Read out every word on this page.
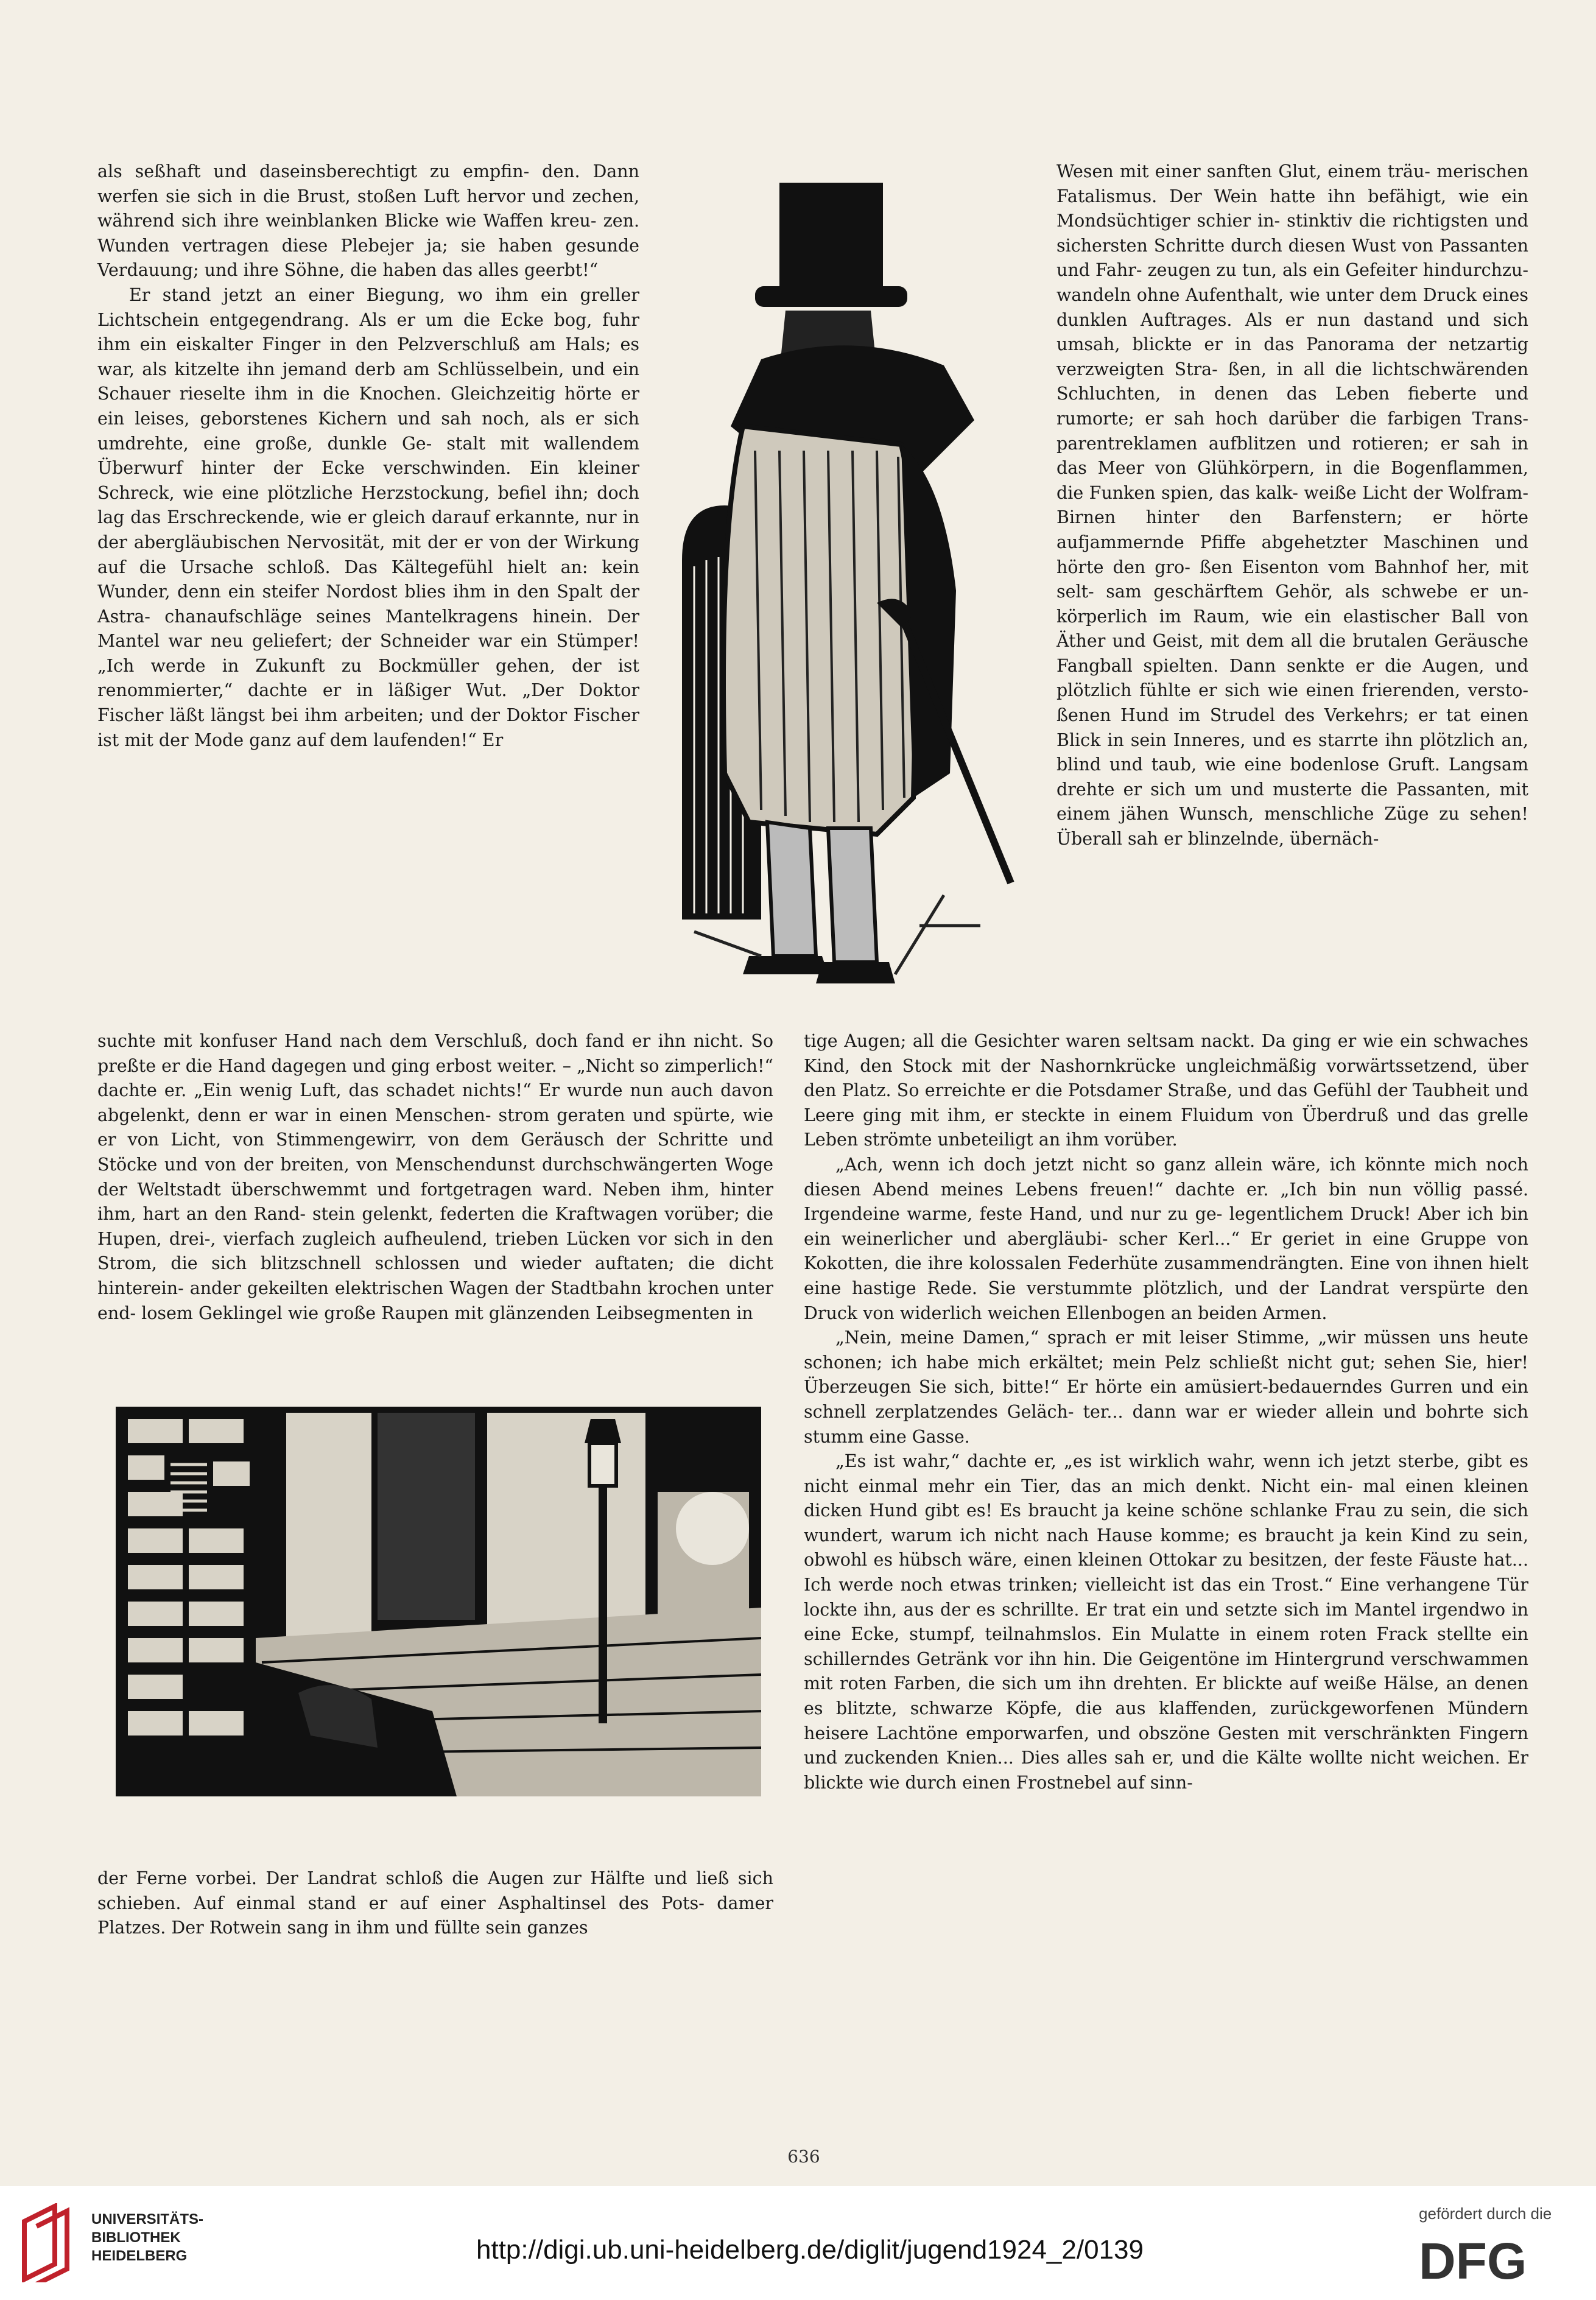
als seßhaft und daseinsberechtigt zu empfin- den. Dann werfen sie sich in die Brust, stoßen Luft hervor und zechen, während sich ihre weinblanken Blicke wie Waffen kreu- zen. Wunden vertragen diese Plebejer ja; sie haben gesunde Verdauung; und ihre Söhne, die haben das alles geerbt!“

Er stand jetzt an einer Biegung, wo ihm ein greller Lichtschein entgegendrang. Als er um die Ecke bog, fuhr ihm ein eiskalter Finger in den Pelzverschluß am Hals; es war, als kitzelte ihn jemand derb am Schlüsselbein, und ein Schauer rieselte ihm in die Knochen. Gleichzeitig hörte er ein leises, geborstenes Kichern und sah noch, als er sich umdrehte, eine große, dunkle Ge- stalt mit wallendem Überwurf hinter der Ecke verschwinden. Ein kleiner Schreck, wie eine plötzliche Herzstockung, befiel ihn; doch lag das Erschreckende, wie er gleich darauf erkannte, nur in der abergläubischen Nervosität, mit der er von der Wirkung auf die Ursache schloß. Das Kältegefühl hielt an: kein Wunder, denn ein steifer Nordost blies ihm in den Spalt der Astra- chanaufschläge seines Mantelkragens hinein. Der Mantel war neu geliefert; der Schneider war ein Stümper! „Ich werde in Zukunft zu Bockmüller gehen, der ist renommierter,“ dachte er in läßiger Wut. „Der Doktor Fischer läßt längst bei ihm arbeiten; und der Doktor Fischer ist mit der Mode ganz auf dem laufenden!“ Er

Wesen mit einer sanften Glut, einem träu- merischen Fatalismus. Der Wein hatte ihn befähigt, wie ein Mondsüchtiger schier in- stinktiv die richtigsten und sichersten Schritte durch diesen Wust von Passanten und Fahr- zeugen zu tun, als ein Gefeiter hindurchzu- wandeln ohne Aufenthalt, wie unter dem Druck eines dunklen Auftrages. Als er nun dastand und sich umsah, blickte er in das Panorama der netzartig verzweigten Stra- ßen, in all die lichtschwärenden Schluchten, in denen das Leben fieberte und rumorte; er sah hoch darüber die farbigen Trans- parentreklamen aufblitzen und rotieren; er sah in das Meer von Glühkörpern, in die Bogenflammen, die Funken spien, das kalk- weiße Licht der Wolfram-Birnen hinter den Barfenstern; er hörte aufjammernde Pfiffe abgehetzter Maschinen und hörte den gro- ßen Eisenton vom Bahnhof her, mit selt- sam geschärftem Gehör, als schwebe er un- körperlich im Raum, wie ein elastischer Ball von Äther und Geist, mit dem all die brutalen Geräusche Fangball spielten. Dann senkte er die Augen, und plötzlich fühlte er sich wie einen frierenden, versto- ßenen Hund im Strudel des Verkehrs; er tat einen Blick in sein Inneres, und es starrte ihn plötzlich an, blind und taub, wie eine bodenlose Gruft. Langsam drehte er sich um und musterte die Passanten, mit einem jähen Wunsch, menschliche Züge zu sehen! Überall sah er blinzelnde, übernäch-

suchte mit konfuser Hand nach dem Verschluß, doch fand er ihn nicht. So preßte er die Hand dagegen und ging erbost weiter. – „Nicht so zimperlich!“ dachte er. „Ein wenig Luft, das schadet nichts!“ Er wurde nun auch davon abgelenkt, denn er war in einen Menschen- strom geraten und spürte, wie er von Licht, von Stimmengewirr, von dem Geräusch der Schritte und Stöcke und von der breiten, von Menschendunst durchschwängerten Woge der Weltstadt überschwemmt und fortgetragen ward. Neben ihm, hinter ihm, hart an den Rand- stein gelenkt, federten die Kraftwagen vorüber; die Hupen, drei-, vierfach zugleich aufheulend, trieben Lücken vor sich in den Strom, die sich blitzschnell schlossen und wieder auftaten; die dicht hinterein- ander gekeilten elektrischen Wagen der Stadtbahn krochen unter end- losem Geklingel wie große Raupen mit glänzenden Leibsegmenten in

tige Augen; all die Gesichter waren seltsam nackt. Da ging er wie ein schwaches Kind, den Stock mit der Nashornkrücke ungleichmäßig vorwärtssetzend, über den Platz. So erreichte er die Potsdamer Straße, und das Gefühl der Taubheit und Leere ging mit ihm, er steckte in einem Fluidum von Überdruß und das grelle Leben strömte unbeteiligt an ihm vorüber.

„Ach, wenn ich doch jetzt nicht so ganz allein wäre, ich könnte mich noch diesen Abend meines Lebens freuen!“ dachte er. „Ich bin nun völlig passé. Irgendeine warme, feste Hand, und nur zu ge- legentlichem Druck! Aber ich bin ein weinerlicher und abergläubi- scher Kerl...“ Er geriet in eine Gruppe von Kokotten, die ihre kolossalen Federhüte zusammendrängten. Eine von ihnen hielt eine hastige Rede. Sie verstummte plötzlich, und der Landrat verspürte den Druck von widerlich weichen Ellenbogen an beiden Armen.

„Nein, meine Damen,“ sprach er mit leiser Stimme, „wir müssen uns heute schonen; ich habe mich erkältet; mein Pelz schließt nicht gut; sehen Sie, hier! Überzeugen Sie sich, bitte!“ Er hörte ein amüsiert-bedauerndes Gurren und ein schnell zerplatzendes Geläch- ter... dann war er wieder allein und bohrte sich stumm eine Gasse.

„Es ist wahr,“ dachte er, „es ist wirklich wahr, wenn ich jetzt sterbe, gibt es nicht einmal mehr ein Tier, das an mich denkt. Nicht ein- mal einen kleinen dicken Hund gibt es! Es braucht ja keine schöne schlanke Frau zu sein, die sich wundert, warum ich nicht nach Hause komme; es braucht ja kein Kind zu sein, obwohl es hübsch wäre, einen kleinen Ottokar zu besitzen, der feste Fäuste hat... Ich werde noch etwas trinken; vielleicht ist das ein Trost.“ Eine verhangene Tür lockte ihn, aus der es schrillte. Er trat ein und setzte sich im Mantel irgendwo in eine Ecke, stumpf, teilnahmslos. Ein Mulatte in einem roten Frack stellte ein schillerndes Getränk vor ihn hin. Die Geigentöne im Hintergrund verschwammen mit roten Farben, die sich um ihn drehten. Er blickte auf weiße Hälse, an denen es blitzte, schwarze Köpfe, die aus klaffenden, zurückgeworfenen Mündern heisere Lachtöne emporwarfen, und obszöne Gesten mit verschränkten Fingern und zuckenden Knien... Dies alles sah er, und die Kälte wollte nicht weichen. Er blickte wie durch einen Frostnebel auf sinn-

der Ferne vorbei. Der Landrat schloß die Augen zur Hälfte und ließ sich schieben. Auf einmal stand er auf einer Asphaltinsel des Pots- damer Platzes. Der Rotwein sang in ihm und füllte sein ganzes

636
UNIVERSITÄTS-
BIBLIOTHEK
HEIDELBERG	http://digi.ub.uni-heidelberg.de/diglit/jugend1924_2/0139
gefördert durch die
DFG
